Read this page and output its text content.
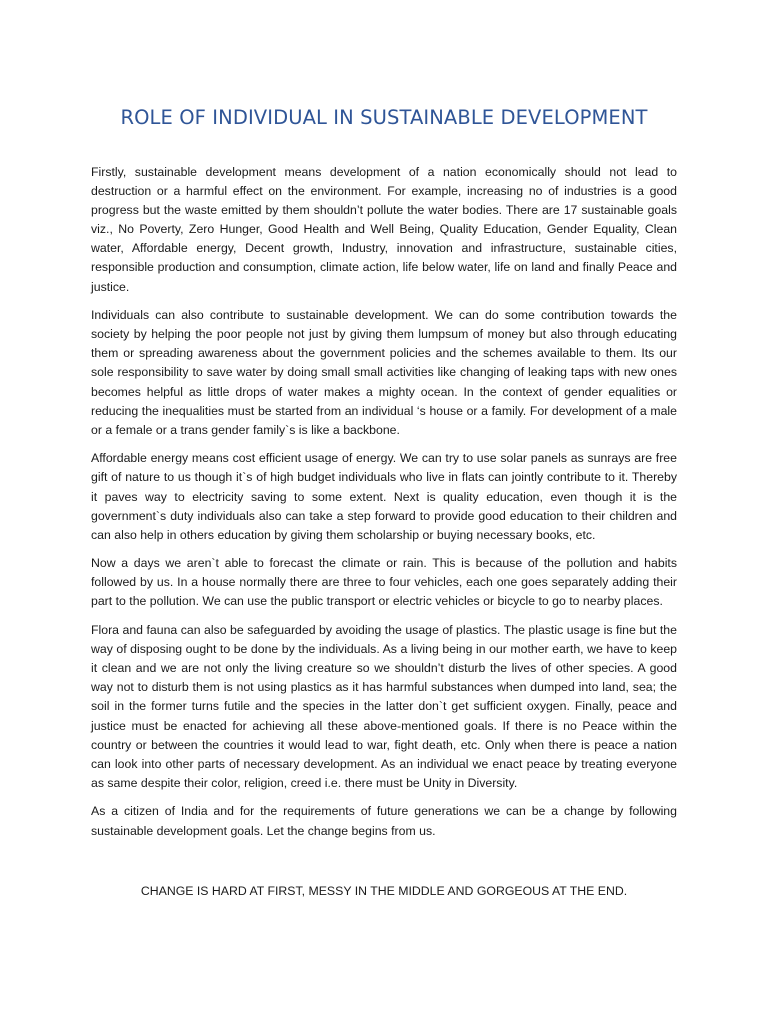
ROLE OF INDIVIDUAL IN SUSTAINABLE DEVELOPMENT

Firstly, sustainable development means development of a nation economically should not lead to destruction or a harmful effect on the environment. For example, increasing no of industries is a good progress but the waste emitted by them shouldn’t pollute the water bodies. There are 17 sustainable goals viz., No Poverty, Zero Hunger, Good Health and Well Being, Quality Education, Gender Equality, Clean water, Affordable energy, Decent growth, Industry, innovation and infrastructure, sustainable cities, responsible production and consumption, climate action, life below water, life on land and finally Peace and justice.

Individuals can also contribute to sustainable development. We can do some contribution towards the society by helping the poor people not just by giving them lumpsum of money but also through educating them or spreading awareness about the government policies and the schemes available to them. Its our sole responsibility to save water by doing small small activities like changing of leaking taps with new ones becomes helpful as little drops of water makes a mighty ocean. In the context of gender equalities or reducing the inequalities must be started from an individual ‘s house or a family. For development of a male or a female or a trans gender family`s is like a backbone.

Affordable energy means cost efficient usage of energy. We can try to use solar panels as sunrays are free gift of nature to us though it`s of high budget individuals who live in flats can jointly contribute to it. Thereby it paves way to electricity saving to some extent. Next is quality education, even though it is the government`s duty individuals also can take a step forward to provide good education to their children and can also help in others education by giving them scholarship or buying necessary books, etc.

Now a days we aren`t able to forecast the climate or rain. This is because of the pollution and habits followed by us. In a house normally there are three to four vehicles, each one goes separately adding their part to the pollution. We can use the public transport or electric vehicles or bicycle to go to nearby places.

Flora and fauna can also be safeguarded by avoiding the usage of plastics. The plastic usage is fine but the way of disposing ought to be done by the individuals. As a living being in our mother earth, we have to keep it clean and we are not only the living creature so we shouldn’t disturb the lives of other species. A good way not to disturb them is not using plastics as it has harmful substances when dumped into land, sea; the soil in the former turns futile and the species in the latter don`t get sufficient oxygen. Finally, peace and justice must be enacted for achieving all these above-mentioned goals. If there is no Peace within the country or between the countries it would lead to war, fight death, etc. Only when there is peace a nation can look into other parts of necessary development. As an individual we enact peace by treating everyone as same despite their color, religion, creed i.e. there must be Unity in Diversity.

As a citizen of India and for the requirements of future generations we can be a change by following sustainable development goals. Let the change begins from us.

CHANGE IS HARD AT FIRST, MESSY IN THE MIDDLE AND GORGEOUS AT THE END.
